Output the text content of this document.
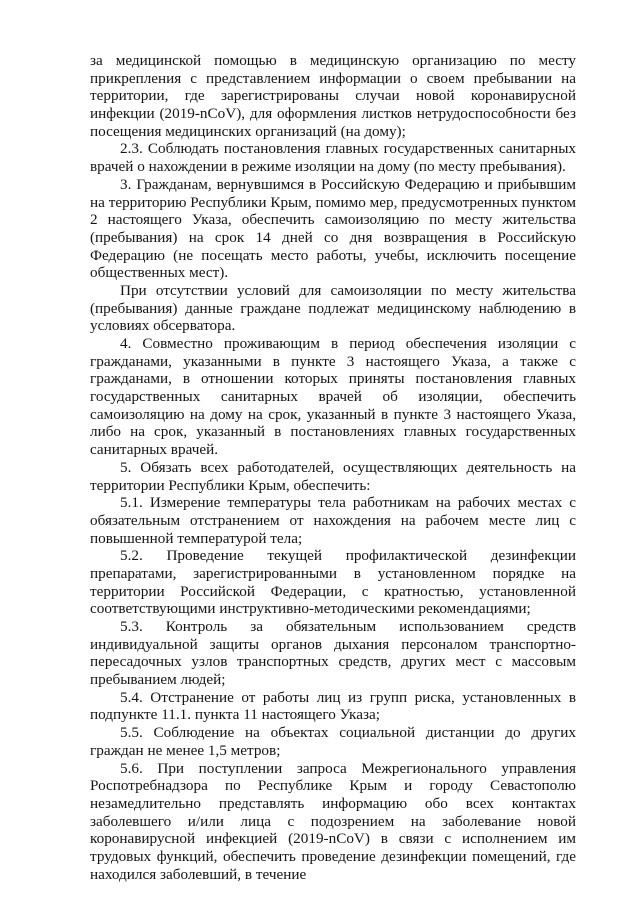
за медицинской помощью в медицинскую организацию по месту прикрепления с представлением информации о своем пребывании на территории, где зарегистрированы случаи новой коронавирусной инфекции (2019-nCoV), для оформления листков нетрудоспособности без посещения медицинских организаций (на дому);

2.3. Соблюдать постановления главных государственных санитарных врачей о нахождении в режиме изоляции на дому (по месту пребывания).

3. Гражданам, вернувшимся в Российскую Федерацию и прибывшим на территорию Республики Крым, помимо мер, предусмотренных пунктом 2 настоящего Указа, обеспечить самоизоляцию по месту жительства (пребывания) на срок 14 дней со дня возвращения в Российскую Федерацию (не посещать место работы, учебы, исключить посещение общественных мест).

При отсутствии условий для самоизоляции по месту жительства (пребывания) данные граждане подлежат медицинскому наблюдению в условиях обсерватора.

4. Совместно проживающим в период обеспечения изоляции с гражданами, указанными в пункте 3 настоящего Указа, а также с гражданами, в отношении которых приняты постановления главных государственных санитарных врачей об изоляции, обеспечить самоизоляцию на дому на срок, указанный в пункте 3 настоящего Указа, либо на срок, указанный в постановлениях главных государственных санитарных врачей.

5. Обязать всех работодателей, осуществляющих деятельность на территории Республики Крым, обеспечить:

5.1. Измерение температуры тела работникам на рабочих местах с обязательным отстранением от нахождения на рабочем месте лиц с повышенной температурой тела;

5.2. Проведение текущей профилактической дезинфекции препаратами, зарегистрированными в установленном порядке на территории Российской Федерации, с кратностью, установленной соответствующими инструктивно-методическими рекомендациями;

5.3. Контроль за обязательным использованием средств индивидуальной защиты органов дыхания персоналом транспортно-пересадочных узлов транспортных средств, других мест с массовым пребыванием людей;

5.4. Отстранение от работы лиц из групп риска, установленных в подпункте 11.1. пункта 11 настоящего Указа;

5.5. Соблюдение на объектах социальной дистанции до других граждан не менее 1,5 метров;

5.6. При поступлении запроса Межрегионального управления Роспотребнадзора по Республике Крым и городу Севастополю незамедлительно представлять информацию обо всех контактах заболевшего и/или лица с подозрением на заболевание новой коронавирусной инфекцией (2019-nCoV) в связи с исполнением им трудовых функций, обеспечить проведение дезинфекции помещений, где находился заболевший, в течение
